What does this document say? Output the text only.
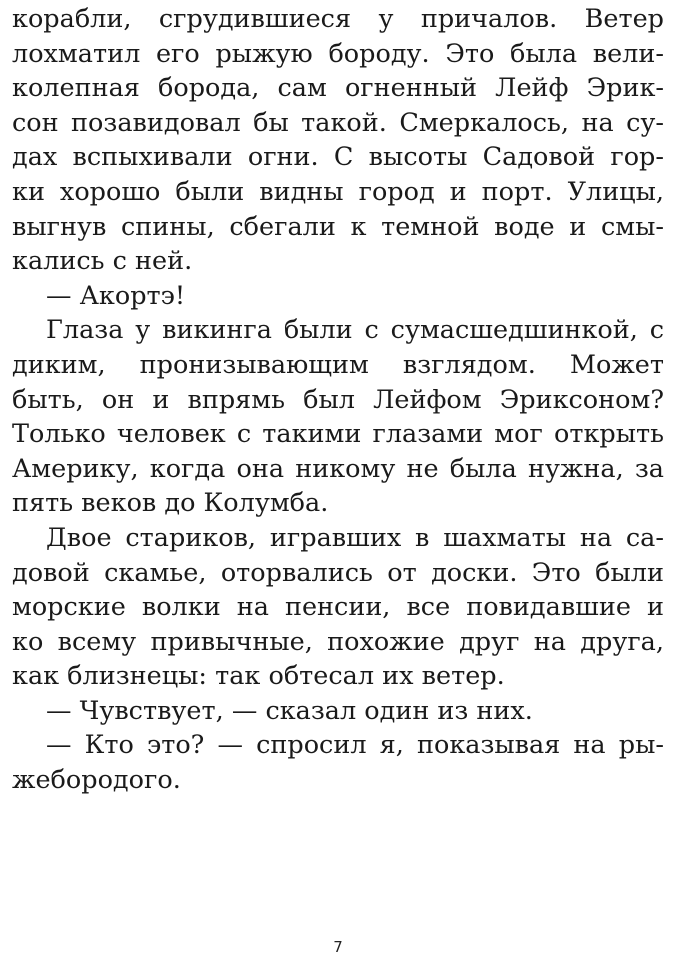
корабли, сгрудившиеся у причалов. Ветер
лохматил его рыжую бороду. Это была вели-
колепная борода, сам огненный Лейф Эрик-
сон позавидовал бы такой. Смеркалось, на су-
дах вспыхивали огни. С высоты Садовой гор-
ки хорошо были видны город и порт. Улицы,
выгнув спины, сбегали к темной воде и смы-
кались с ней.
— Акортэ!
Глаза у викинга были с сумасшедшинкой, с
диким, пронизывающим взглядом. Может
быть, он и впрямь был Лейфом Эриксоном?
Только человек с такими глазами мог открыть
Америку, когда она никому не была нужна, за
пять веков до Колумба.
Двое стариков, игравших в шахматы на са-
довой скамье, оторвались от доски. Это были
морские волки на пенсии, все повидавшие и
ко всему привычные, похожие друг на друга,
как близнецы: так обтесал их ветер.
— Чувствует, — сказал один из них.
— Кто это? — спросил я, показывая на ры-
жебородого.
7
